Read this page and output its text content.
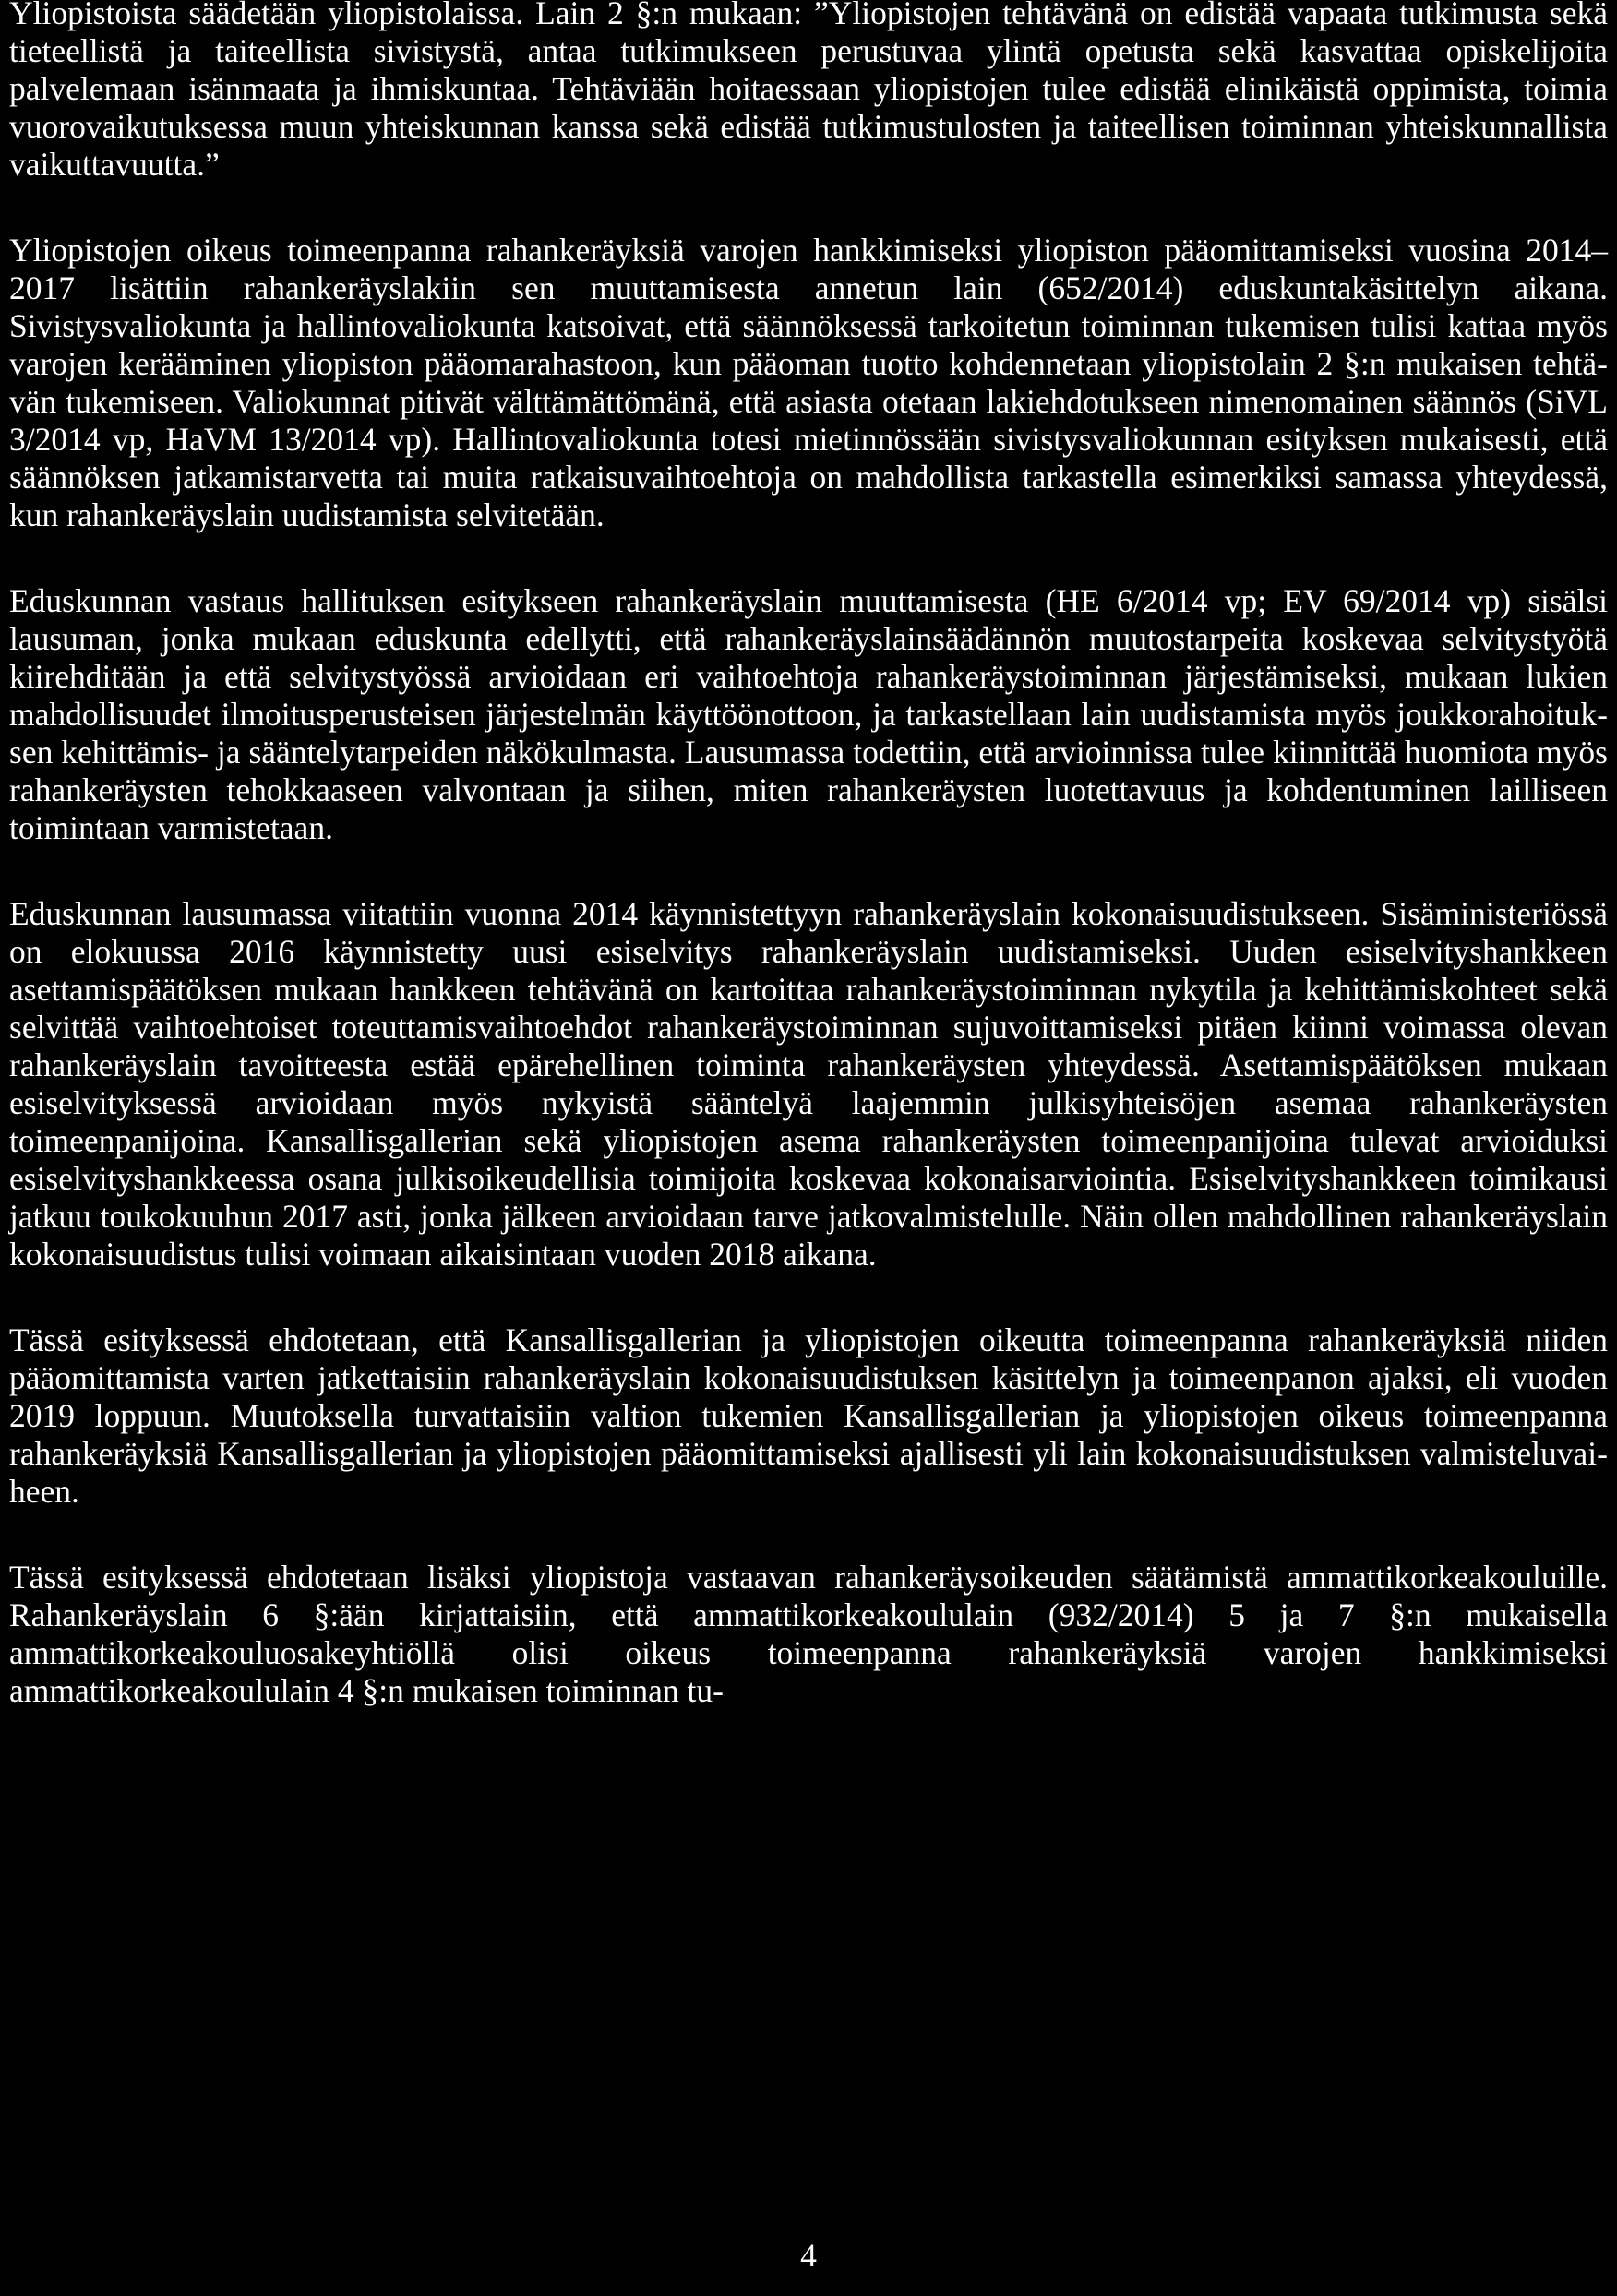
Yliopistoista säädetään yliopistolaissa. Lain 2 §:n mukaan: ”Yliopistojen tehtävänä on edistää vapaata tutkimusta sekä tieteellistä ja taiteellista sivistystä, antaa tutkimukseen perustuvaa ylintä opetusta sekä kasvattaa opiskelijoita palvelemaan isänmaata ja ihmiskuntaa. Tehtäviään hoitaessaan yliopistojen tulee edistää elinikäistä oppimista, toimia vuorovaikutuksessa muun yhteiskunnan kanssa sekä edistää tutkimustulosten ja taiteellisen toiminnan yhteiskunnallista vaikuttavuutta.”

Yliopistojen oikeus toimeenpanna rahankeräyksiä varojen hankkimiseksi yliopiston pääomittamiseksi vuosina 2014–2017 lisättiin rahankeräyslakiin sen muuttamisesta annetun lain (652/2014) eduskuntakäsittelyn aikana. Sivistysvaliokunta ja hallintovaliokunta katsoivat, että säännöksessä tarkoitetun toiminnan tukemisen tulisi kattaa myös varojen kerääminen yliopiston pääomarahastoon, kun pääoman tuotto kohdennetaan yliopistolain 2 §:n mukaisen tehtävän tukemiseen. Valiokunnat pitivät välttämättömänä, että asiasta otetaan lakiehdotukseen nimenomainen säännös (SiVL 3/2014 vp, HaVM 13/2014 vp). Hallintovaliokunta totesi mietinnössään sivistysvaliokunnan esityksen mukaisesti, että säännöksen jatkamistarvetta tai muita ratkaisuvaihtoehtoja on mahdollista tarkastella esimerkiksi samassa yhteydessä, kun rahankeräyslain uudistamista selvitetään.

Eduskunnan vastaus hallituksen esitykseen rahankeräyslain muuttamisesta (HE 6/2014 vp; EV 69/2014 vp) sisälsi lausuman, jonka mukaan eduskunta edellytti, että rahankeräyslainsäädännön muutostarpeita koskevaa selvitystyötä kiirehditään ja että selvitystyössä arvioidaan eri vaihtoehtoja rahankeräystoiminnan järjestämiseksi, mukaan lukien mahdollisuudet ilmoitusperusteisen järjestelmän käyttöönottoon, ja tarkastellaan lain uudistamista myös joukkorahoituksen kehittämis- ja sääntelytarpeiden näkökulmasta. Lausumassa todettiin, että arvioinnissa tulee kiinnittää huomiota myös rahankeräysten tehokkaaseen valvontaan ja siihen, miten rahankeräysten luotettavuus ja kohdentuminen lailliseen toimintaan varmistetaan.

Eduskunnan lausumassa viitattiin vuonna 2014 käynnistettyyn rahankeräyslain kokonaisuudistukseen. Sisäministeriössä on elokuussa 2016 käynnistetty uusi esiselvitys rahankeräyslain uudistamiseksi. Uuden esiselvityshankkeen asettamispäätöksen mukaan hankkeen tehtävänä on kartoittaa rahankeräystoiminnan nykytila ja kehittämiskohteet sekä selvittää vaihtoehtoiset toteuttamisvaihtoehdot rahankeräystoiminnan sujuvoittamiseksi pitäen kiinni voimassa olevan rahankeräyslain tavoitteesta estää epärehellinen toiminta rahankeräysten yhteydessä. Asettamispäätöksen mukaan esiselvityksessä arvioidaan myös nykyistä sääntelyä laajemmin julkisyhteisöjen asemaa rahankeräysten toimeenpanijoina. Kansallisgallerian sekä yliopistojen asema rahankeräysten toimeenpanijoina tulevat arvioiduksi esiselvityshankkeessa osana julkisoikeudellisia toimijoita koskevaa kokonaisarviointia. Esiselvityshankkeen toimikausi jatkuu toukokuuhun 2017 asti, jonka jälkeen arvioidaan tarve jatkovalmistelulle. Näin ollen mahdollinen rahankeräyslain kokonaisuudistus tulisi voimaan aikaisintaan vuoden 2018 aikana.

Tässä esityksessä ehdotetaan, että Kansallisgallerian ja yliopistojen oikeutta toimeenpanna rahankeräyksiä niiden pääomittamista varten jatkettaisiin rahankeräyslain kokonaisuudistuksen käsittelyn ja toimeenpanon ajaksi, eli vuoden 2019 loppuun. Muutoksella turvattaisiin valtion tukemien Kansallisgallerian ja yliopistojen oikeus toimeenpanna rahankeräyksiä Kansallisgallerian ja yliopistojen pääomittamiseksi ajallisesti yli lain kokonaisuudistuksen valmisteluvaiheen.

Tässä esityksessä ehdotetaan lisäksi yliopistoja vastaavan rahankeräysoikeuden säätämistä ammattikorkeakouluille. Rahankeräyslain 6 §:ään kirjattaisiin, että ammattikorkeakoululain (932/2014) 5 ja 7 §:n mukaisella ammattikorkeakouluosakeyhtiöllä olisi oikeus toimeenpanna rahankeräyksiä varojen hankkimiseksi ammattikorkeakoululain 4 §:n mukaisen toiminnan tu-

4
